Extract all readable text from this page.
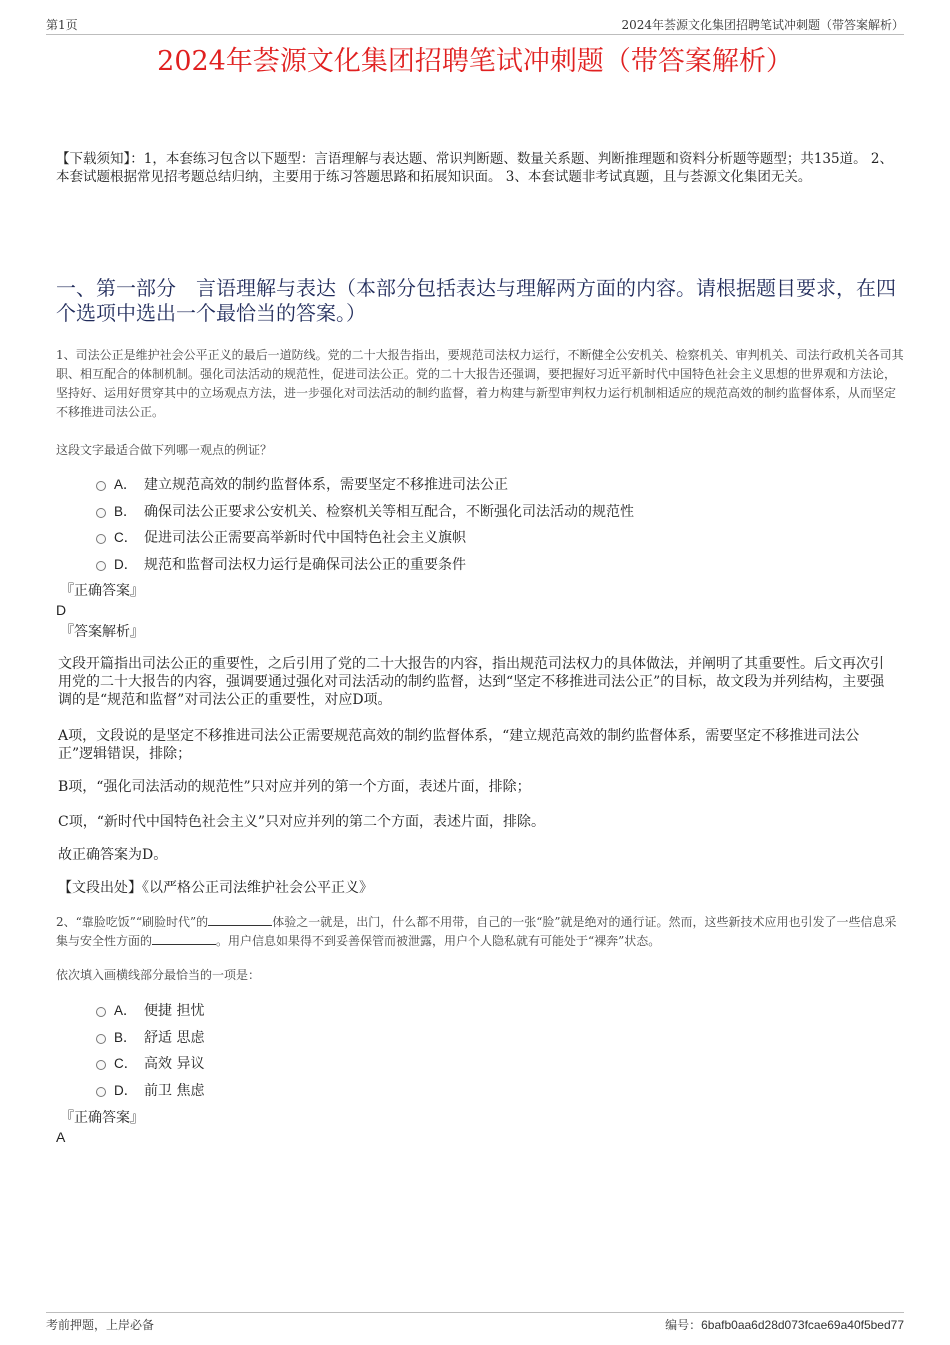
第1页	2024年荟源文化集团招聘笔试冲刺题（带答案解析）
2024年荟源文化集团招聘笔试冲刺题（带答案解析）
【下载须知】：1，本套练习包含以下题型：言语理解与表达题、常识判断题、数量关系题、判断推理题和资料分析题等题型；共135道。 2、本套试题根据常见招考题总结归纳，主要用于练习答题思路和拓展知识面。 3、本套试题非考试真题，且与荟源文化集团无关。
一、第一部分　言语理解与表达（本部分包括表达与理解两方面的内容。请根据题目要求，在四个选项中选出一个最恰当的答案。）
1、司法公正是维护社会公平正义的最后一道防线。党的二十大报告指出，要规范司法权力运行，不断健全公安机关、检察机关、审判机关、司法行政机关各司其职、相互配合的体制机制。强化司法活动的规范性，促进司法公正。党的二十大报告还强调，要把握好习近平新时代中国特色社会主义思想的世界观和方法论，坚持好、运用好贯穿其中的立场观点方法，进一步强化对司法活动的制约监督，着力构建与新型审判权力运行机制相适应的规范高效的制约监督体系，从而坚定不移推进司法公正。
这段文字最适合做下列哪一观点的例证？
A． 建立规范高效的制约监督体系，需要坚定不移推进司法公正
B． 确保司法公正要求公安机关、检察机关等相互配合，不断强化司法活动的规范性
C． 促进司法公正需要高举新时代中国特色社会主义旗帜
D． 规范和监督司法权力运行是确保司法公正的重要条件
『正确答案』
D
『答案解析』
文段开篇指出司法公正的重要性，之后引用了党的二十大报告的内容，指出规范司法权力的具体做法，并阐明了其重要性。后文再次引用党的二十大报告的内容，强调要通过强化对司法活动的制约监督，达到“坚定不移推进司法公正”的目标，故文段为并列结构，主要强调的是“规范和监督”对司法公正的重要性，对应D项。
A项，文段说的是坚定不移推进司法公正需要规范高效的制约监督体系，“建立规范高效的制约监督体系，需要坚定不移推进司法公正”逻辑错误，排除；
B项，“强化司法活动的规范性”只对应并列的第一个方面，表述片面，排除；
C项，“新时代中国特色社会主义”只对应并列的第二个方面，表述片面，排除。
故正确答案为D。
【文段出处】《以严格公正司法维护社会公平正义》
2、“靠脸吃饭”“刷脸时代”的	体验之一就是，出门，什么都不用带，自己的一张“脸”就是绝对的通行证。然而，这些新技术应用也引发了一些信息采集与安全性方面的	。用户信息如果得不到妥善保管而被泄露，用户个人隐私就有可能处于“裸奔”状态。
依次填入画横线部分最恰当的一项是：
A． 便捷 担忧
B． 舒适 思虑
C． 高效 异议
D． 前卫 焦虑
『正确答案』
A
考前押题，上岸必备	编号：6bafb0aa6d28d073fcae69a40f5bed77
